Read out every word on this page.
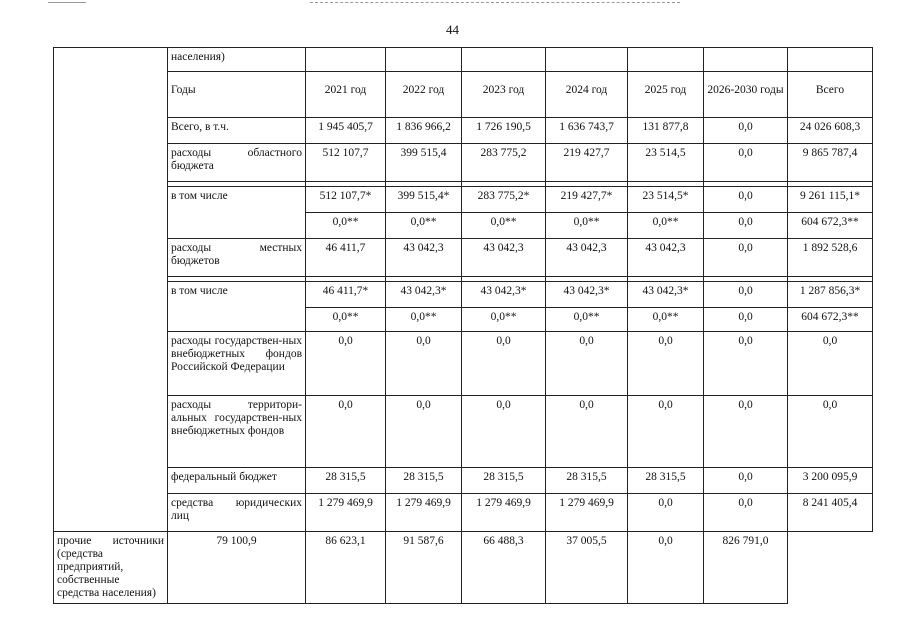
44
	населения)							
	Годы	2021 год	2022 год	2023 год	2024 год	2025 год	2026-2030 годы	Всего
	Всего, в т.ч.	1 945 405,7	1 836 966,2	1 726 190,5	1 636 743,7	131 877,8	0,0	24 026 608,3
	расходы областного бюджета	512 107,7	399 515,4	283 775,2	219 427,7	23 514,5	0,0	9 865 787,4

	в том числе	512 107,7*	399 515,4*	283 775,2*	219 427,7*	23 514,5*	0,0	9 261 115,1*
		0,0**	0,0**	0,0**	0,0**	0,0**	0,0	604 672,3**
	расходы местных бюджетов	46 411,7	43 042,3	43 042,3	43 042,3	43 042,3	0,0	1 892 528,6

	в том числе	46 411,7*	43 042,3*	43 042,3*	43 042,3*	43 042,3*	0,0	1 287 856,3*
		0,0**	0,0**	0,0**	0,0**	0,0**	0,0	604 672,3**
	расходы государствен-ных внебюджетных фондов Российской Федерации	0,0	0,0	0,0	0,0	0,0	0,0	0,0
	расходы территори-альных государствен-ных внебюджетных фондов	0,0	0,0	0,0	0,0	0,0	0,0	0,0
	федеральный бюджет	28 315,5	28 315,5	28 315,5	28 315,5	28 315,5	0,0	3 200 095,9
	средства юридических лиц	1 279 469,9	1 279 469,9	1 279 469,9	1 279 469,9	0,0	0,0	8 241 405,4
прочие источники (средства предприятий, собственные средства населения)	79 100,9	86 623,1	91 587,6	66 488,3	37 005,5	0,0	826 791,0	
